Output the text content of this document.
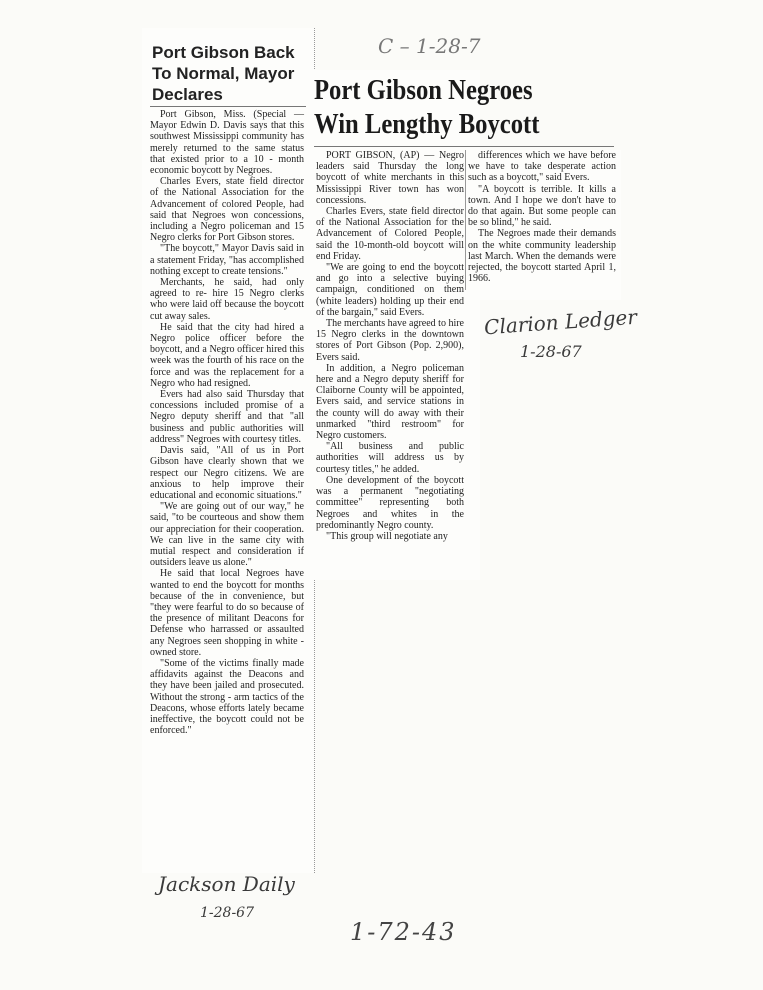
C – 1-28-7
Port Gibson Back To Normal, Mayor Declares

Port Gibson, Miss. (Special — Mayor Edwin D. Davis says that this southwest Mississippi community has merely returned to the same status that existed prior to a 10 - month economic boycott by Negroes.

Charles Evers, state field director of the National Association for the Advancement of colored People, had said that Negroes won concessions, including a Negro policeman and 15 Negro clerks for Port Gibson stores.

"The boycott," Mayor Davis said in a statement Friday, "has accomplished nothing except to create tensions."

Merchants, he said, had only agreed to re- hire 15 Negro clerks who were laid off because the boycott cut away sales.

He said that the city had hired a Negro police officer before the boycott, and a Negro officer hired this week was the fourth of his race on the force and was the replacement for a Negro who had resigned.

Evers had also said Thursday that concessions included promise of a Negro deputy sheriff and that "all business and public authorities will address" Negroes with courtesy titles.

Davis said, "All of us in Port Gibson have clearly shown that we respect our Negro citizens. We are anxious to help improve their educational and economic situations."

"We are going out of our way," he said, "to be courteous and show them our appreciation for their cooperation. We can live in the same city with mutial respect and consideration if outsiders leave us alone."

He said that local Negroes have wanted to end the boycott for months because of the in convenience, but "they were fearful to do so because of the presence of militant Deacons for Defense who harrassed or assaulted any Negroes seen shopping in white - owned store.

"Some of the victims finally made affidavits against the Deacons and they have been jailed and prosecuted. Without the strong - arm tactics of the Deacons, whose efforts lately became ineffective, the boycott could not be enforced."

Jackson Daily
1-28-67
Port Gibson Negroes Win Lengthy Boycott

PORT GIBSON, (AP) — Negro leaders said Thursday the long boycott of white merchants in this Mississippi River town has won concessions.

Charles Evers, state field director of the National Association for the Advancement of Colored People, said the 10-month-old boycott will end Friday.

"We are going to end the boycott and go into a selective buying campaign, conditioned on them (white leaders) holding up their end of the bargain," said Evers.

The merchants have agreed to hire 15 Negro clerks in the downtown stores of Port Gibson (Pop. 2,900), Evers said.

In addition, a Negro policeman here and a Negro deputy sheriff for Claiborne County will be appointed, Evers said, and service stations in the county will do away with their unmarked "third restroom" for Negro customers.

"All business and public authorities will address us by courtesy titles," he added.

One development of the boycott was a permanent "negotiating committee" representing both Negroes and whites in the predominantly Negro county.

"This group will negotiate any

differences which we have before we have to take desperate action such as a boycott," said Evers.

"A boycott is terrible. It kills a town. And I hope we don't have to do that again. But some people can be so blind," he said.

The Negroes made their demands on the white community leadership last March. When the demands were rejected, the boycott started April 1, 1966.

Clarion Ledger
1-28-67
1-72-43
